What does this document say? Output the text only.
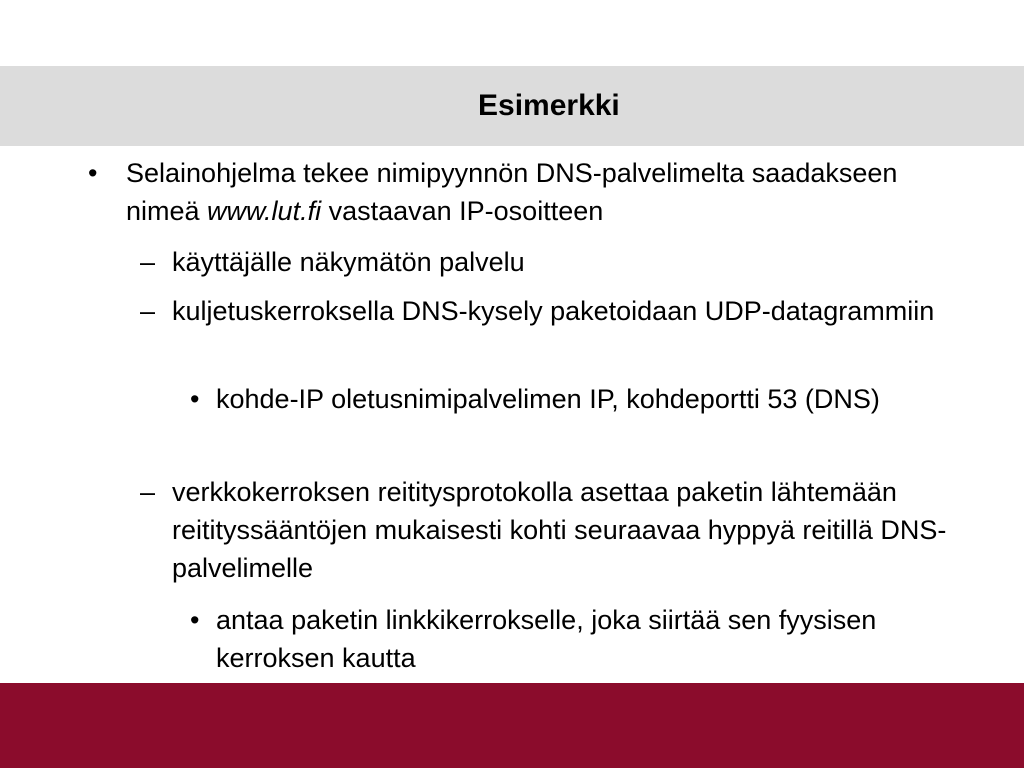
Esimerkki

• Selainohjelma tekee nimipyynnön DNS-palvelimelta saadakseen nimeä www.lut.fi vastaavan IP-osoitteen

– käyttäjälle näkymätön palvelu

– kuljetuskerroksella DNS-kysely paketoidaan UDP-datagrammiin

• kohde-IP oletusnimipalvelimen IP, kohdeportti 53 (DNS)

– verkkokerroksen reititysprotokolla asettaa paketin lähtemään reitityssääntöjen mukaisesti kohti seuraavaa hyppyä reitillä DNS-palvelimelle

• antaa paketin linkkikerrokselle, joka siirtää sen fyysisen kerroksen kautta
